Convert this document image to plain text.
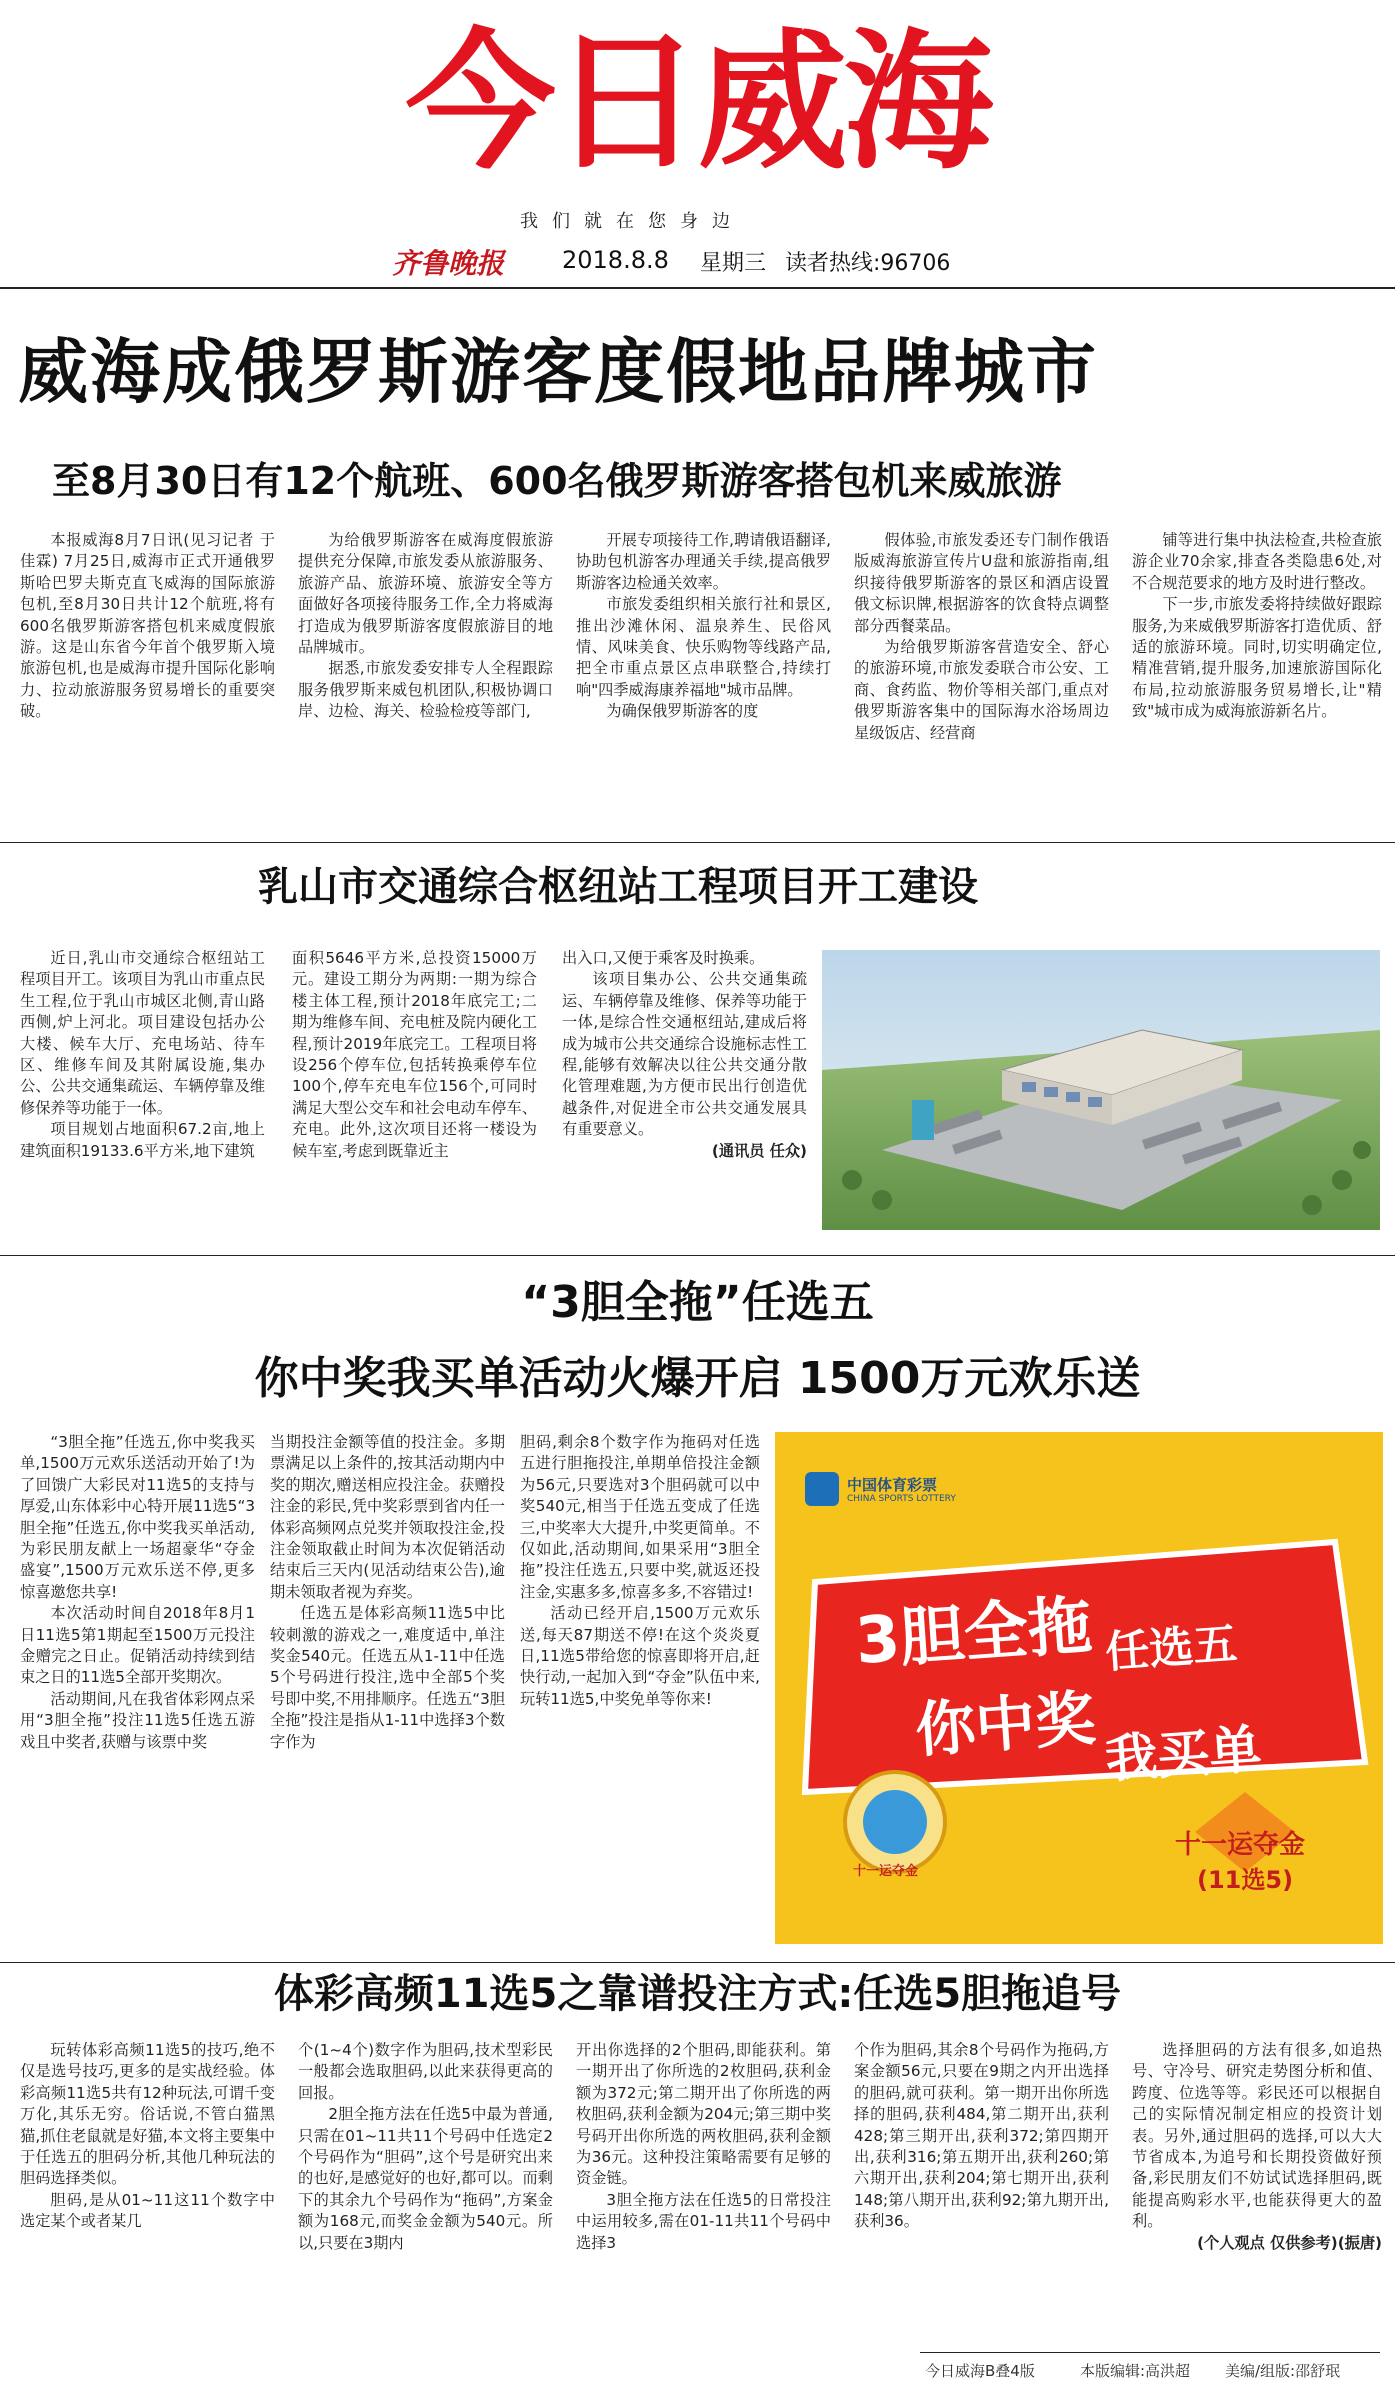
今日威海
我们就在您身边
齐鲁晚报 2018.8.8 星期三 读者热线:96706
威海成俄罗斯游客度假地品牌城市
至8月30日有12个航班、600名俄罗斯游客搭包机来威旅游

本报威海8月7日讯(见习记者 于佳霖) 7月25日,威海市正式开通俄罗斯哈巴罗夫斯克直飞威海的国际旅游包机,至8月30日共计12个航班,将有600名俄罗斯游客搭包机来威度假旅游。这是山东省今年首个俄罗斯入境旅游包机,也是威海市提升国际化影响力、拉动旅游服务贸易增长的重要突破。

为给俄罗斯游客在威海度假旅游提供充分保障,市旅发委从旅游服务、旅游产品、旅游环境、旅游安全等方面做好各项接待服务工作,全力将威海打造成为俄罗斯游客度假旅游目的地品牌城市。

据悉,市旅发委安排专人全程跟踪服务俄罗斯来威包机团队,积极协调口岸、边检、海关、检验检疫等部门,

开展专项接待工作,聘请俄语翻译,协助包机游客办理通关手续,提高俄罗斯游客边检通关效率。

市旅发委组织相关旅行社和景区,推出沙滩休闲、温泉养生、民俗风情、风味美食、快乐购物等线路产品,把全市重点景区点串联整合,持续打响"四季威海康养福地"城市品牌。

为确保俄罗斯游客的度

假体验,市旅发委还专门制作俄语版威海旅游宣传片U盘和旅游指南,组织接待俄罗斯游客的景区和酒店设置俄文标识牌,根据游客的饮食特点调整部分西餐菜品。

为给俄罗斯游客营造安全、舒心的旅游环境,市旅发委联合市公安、工商、食药监、物价等相关部门,重点对俄罗斯游客集中的国际海水浴场周边星级饭店、经营商

铺等进行集中执法检查,共检查旅游企业70余家,排查各类隐患6处,对不合规范要求的地方及时进行整改。

下一步,市旅发委将持续做好跟踪服务,为来威俄罗斯游客打造优质、舒适的旅游环境。同时,切实明确定位,精准营销,提升服务,加速旅游国际化布局,拉动旅游服务贸易增长,让"精致"城市成为威海旅游新名片。

乳山市交通综合枢纽站工程项目开工建设

近日,乳山市交通综合枢纽站工程项目开工。该项目为乳山市重点民生工程,位于乳山市城区北侧,青山路西侧,炉上河北。项目建设包括办公大楼、候车大厅、充电场站、待车区、维修车间及其附属设施,集办公、公共交通集疏运、车辆停靠及维修保养等功能于一体。

项目规划占地面积67.2亩,地上建筑面积19133.6平方米,地下建筑

面积5646平方米,总投资15000万元。建设工期分为两期:一期为综合楼主体工程,预计2018年底完工;二期为维修车间、充电桩及院内硬化工程,预计2019年底完工。工程项目将设256个停车位,包括转换乘停车位100个,停车充电车位156个,可同时满足大型公交车和社会电动车停车、充电。此外,这次项目还将一楼设为候车室,考虑到既靠近主

出入口,又便于乘客及时换乘。

该项目集办公、公共交通集疏运、车辆停靠及维修、保养等功能于一体,是综合性交通枢纽站,建成后将成为城市公共交通综合设施标志性工程,能够有效解决以往公共交通分散化管理难题,为方便市民出行创造优越条件,对促进全市公共交通发展具有重要意义。

(通讯员 任众)
“3胆全拖”任选五
你中奖我买单活动火爆开启 1500万元欢乐送

“3胆全拖”任选五,你中奖我买单,1500万元欢乐送活动开始了!为了回馈广大彩民对11选5的支持与厚爱,山东体彩中心特开展11选5“3胆全拖”任选五,你中奖我买单活动,为彩民朋友献上一场超豪华“夺金盛宴”,1500万元欢乐送不停,更多惊喜邀您共享!

本次活动时间自2018年8月1日11选5第1期起至1500万元投注金赠完之日止。促销活动持续到结束之日的11选5全部开奖期次。

活动期间,凡在我省体彩网点采用“3胆全拖”投注11选5任选五游戏且中奖者,获赠与该票中奖

当期投注金额等值的投注金。多期票满足以上条件的,按其活动期内中奖的期次,赠送相应投注金。获赠投注金的彩民,凭中奖彩票到省内任一体彩高频网点兑奖并领取投注金,投注金领取截止时间为本次促销活动结束后三天内(见活动结束公告),逾期未领取者视为弃奖。

任选五是体彩高频11选5中比较刺激的游戏之一,难度适中,单注奖金540元。任选五从1-11中任选5个号码进行投注,选中全部5个奖号即中奖,不用排顺序。任选五“3胆全拖”投注是指从1-11中选择3个数字作为

胆码,剩余8个数字作为拖码对任选五进行胆拖投注,单期单倍投注金额为56元,只要选对3个胆码就可以中奖540元,相当于任选五变成了任选三,中奖率大大提升,中奖更简单。不仅如此,活动期间,如果采用“3胆全拖”投注任选五,只要中奖,就返还投注金,实惠多多,惊喜多多,不容错过!

活动已经开启,1500万元欢乐送,每天87期送不停!在这个炎炎夏日,11选5带给您的惊喜即将开启,赶快行动,一起加入到“夺金”队伍中来,玩转11选5,中奖免单等你来!

中国体育彩票
CHINA SPORTS LOTTERY
3胆全拖 任选五
你中奖 我买单
十一运夺金
十一运夺金
(11选5)
体彩高频11选5之靠谱投注方式:任选5胆拖追号

玩转体彩高频11选5的技巧,绝不仅是选号技巧,更多的是实战经验。体彩高频11选5共有12种玩法,可谓千变万化,其乐无穷。俗话说,不管白猫黑猫,抓住老鼠就是好猫,本文将主要集中于任选五的胆码分析,其他几种玩法的胆码选择类似。

胆码,是从01~11这11个数字中选定某个或者某几

个(1~4个)数字作为胆码,技术型彩民一般都会选取胆码,以此来获得更高的回报。

2胆全拖方法在任选5中最为普通,只需在01~11共11个号码中任选定2个号码作为“胆码”,这个号是研究出来的也好,是感觉好的也好,都可以。而剩下的其余九个号码作为“拖码”,方案金额为168元,而奖金金额为540元。所以,只要在3期内

开出你选择的2个胆码,即能获利。第一期开出了你所选的2枚胆码,获利金额为372元;第二期开出了你所选的两枚胆码,获利金额为204元;第三期中奖号码开出你所选的两枚胆码,获利金额为36元。这种投注策略需要有足够的资金链。

3胆全拖方法在任选5的日常投注中运用较多,需在01-11共11个号码中选择3

个作为胆码,其余8个号码作为拖码,方案金额56元,只要在9期之内开出选择的胆码,就可获利。第一期开出你所选择的胆码,获利484,第二期开出,获利428;第三期开出,获利372;第四期开出,获利316;第五期开出,获利260;第六期开出,获利204;第七期开出,获利148;第八期开出,获利92;第九期开出,获利36。

选择胆码的方法有很多,如追热号、守冷号、研究走势图分析和值、跨度、位选等等。彩民还可以根据自己的实际情况制定相应的投资计划表。另外,通过胆码的选择,可以大大节省成本,为追号和长期投资做好预备,彩民朋友们不妨试试选择胆码,既能提高购彩水平,也能获得更大的盈利。

(个人观点 仅供参考)(振唐)
今日威海B叠4版	本版编辑:高洪超 美编/组版:邵舒珉
